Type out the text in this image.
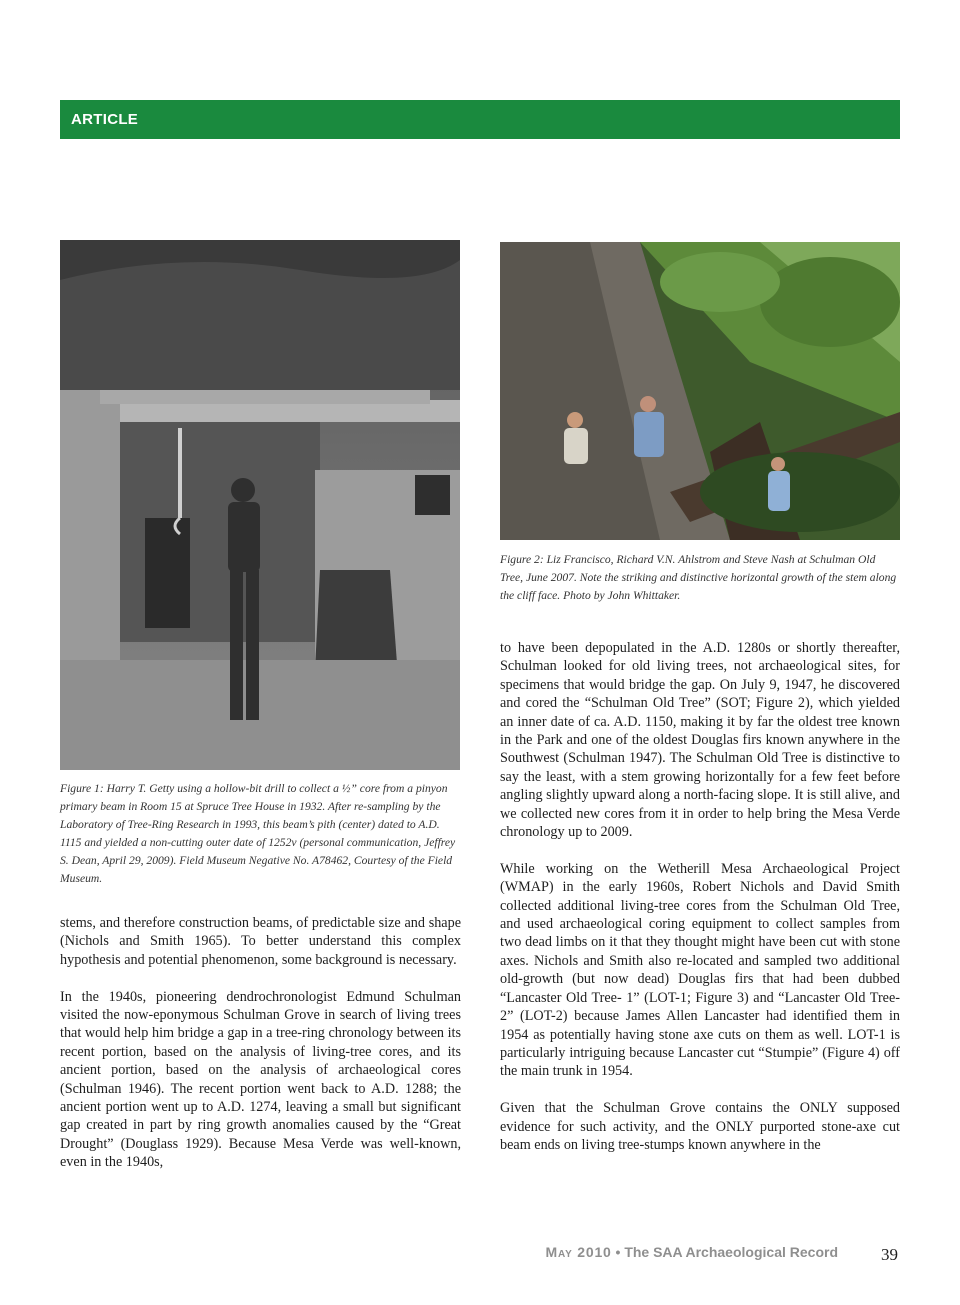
ARTICLE

Figure 1: Harry T. Getty using a hollow-bit drill to collect a ½” core from a pinyon primary beam in Room 15 at Spruce Tree House in 1932. After re-sampling by the Laboratory of Tree-Ring Research in 1993, this beam’s pith (center) dated to A.D. 1115 and yielded a non-cutting outer date of 1252v (personal communication, Jeffrey S. Dean, April 29, 2009). Field Museum Negative No. A78462, Courtesy of the Field Museum.

Figure 2: Liz Francisco, Richard V.N. Ahlstrom and Steve Nash at Schulman Old Tree, June 2007. Note the striking and distinctive horizontal growth of the stem along the cliff face. Photo by John Whittaker.

stems, and therefore construction beams, of predictable size and shape (Nichols and Smith 1965). To better understand this complex hypothesis and potential phenomenon, some background is necessary.

In the 1940s, pioneering dendrochronologist Edmund Schulman visited the now-eponymous Schulman Grove in search of living trees that would help him bridge a gap in a tree-ring chronology between its recent portion, based on the analysis of living-tree cores, and its ancient portion, based on the analysis of archaeological cores (Schulman 1946). The recent portion went back to A.D. 1288; the ancient portion went up to A.D. 1274, leaving a small but significant gap created in part by ring growth anomalies caused by the “Great Drought” (Douglass 1929). Because Mesa Verde was well-known, even in the 1940s,

to have been depopulated in the A.D. 1280s or shortly thereafter, Schulman looked for old living trees, not archaeological sites, for specimens that would bridge the gap. On July 9, 1947, he discovered and cored the “Schulman Old Tree” (SOT; Figure 2), which yielded an inner date of ca. A.D. 1150, making it by far the oldest tree known in the Park and one of the oldest Douglas firs known anywhere in the Southwest (Schulman 1947). The Schulman Old Tree is distinctive to say the least, with a stem growing horizontally for a few feet before angling slightly upward along a north-facing slope. It is still alive, and we collected new cores from it in order to help bring the Mesa Verde chronology up to 2009.

While working on the Wetherill Mesa Archaeological Project (WMAP) in the early 1960s, Robert Nichols and David Smith collected additional living-tree cores from the Schulman Old Tree, and used archaeological coring equipment to collect samples from two dead limbs on it that they thought might have been cut with stone axes. Nichols and Smith also re-located and sampled two additional old-growth (but now dead) Douglas firs that had been dubbed “Lancaster Old Tree- 1” (LOT-1; Figure 3) and “Lancaster Old Tree-2” (LOT-2) because James Allen Lancaster had identified them in 1954 as potentially having stone axe cuts on them as well. LOT-1 is particularly intriguing because Lancaster cut “Stumpie” (Figure 4) off the main trunk in 1954.

Given that the Schulman Grove contains the ONLY supposed evidence for such activity, and the ONLY purported stone-axe cut beam ends on living tree-stumps known anywhere in the

May 2010 • The SAA Archaeological Record	39
